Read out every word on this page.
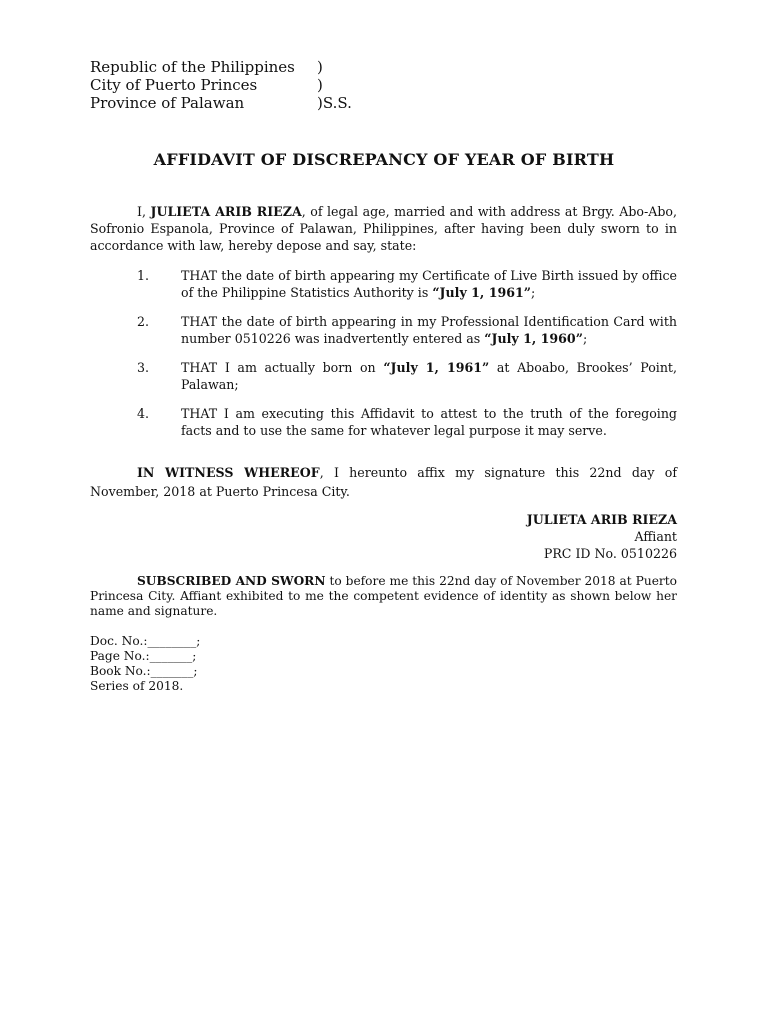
Republic of the Philippines )
City of Puerto Princes	)
Province of Palawan	)S.S.
AFFIDAVIT OF DISCREPANCY OF YEAR OF BIRTH
I, JULIETA ARIB RIEZA, of legal age, married and with address at Brgy. Abo-Abo, Sofronio Espanola, Province of Palawan, Philippines, after having been duly sworn to in accordance with law, hereby depose and say, state:
1.	THAT the date of birth appearing my Certificate of Live Birth issued by office of the Philippine Statistics Authority is “July 1, 1961”;
2.	THAT the date of birth appearing in my Professional Identification Card with number 0510226 was inadvertently entered as “July 1, 1960”;
3.	THAT I am actually born on “July 1, 1961” at Aboabo, Brookes’ Point, Palawan;
4.	THAT I am executing this Affidavit to attest to the truth of the foregoing facts and to use the same for whatever legal purpose it may serve.
IN WITNESS WHEREOF, I hereunto affix my signature this 22nd day of November, 2018 at Puerto Princesa City.
JULIETA ARIB RIEZA
Affiant
PRC ID No. 0510226
SUBSCRIBED AND SWORN to before me this 22nd day of November 2018 at Puerto Princesa City. Affiant exhibited to me the competent evidence of identity as shown below her name and signature.
Doc. No.:________;
Page No.:_______;
Book No.:_______;
Series of 2018.
